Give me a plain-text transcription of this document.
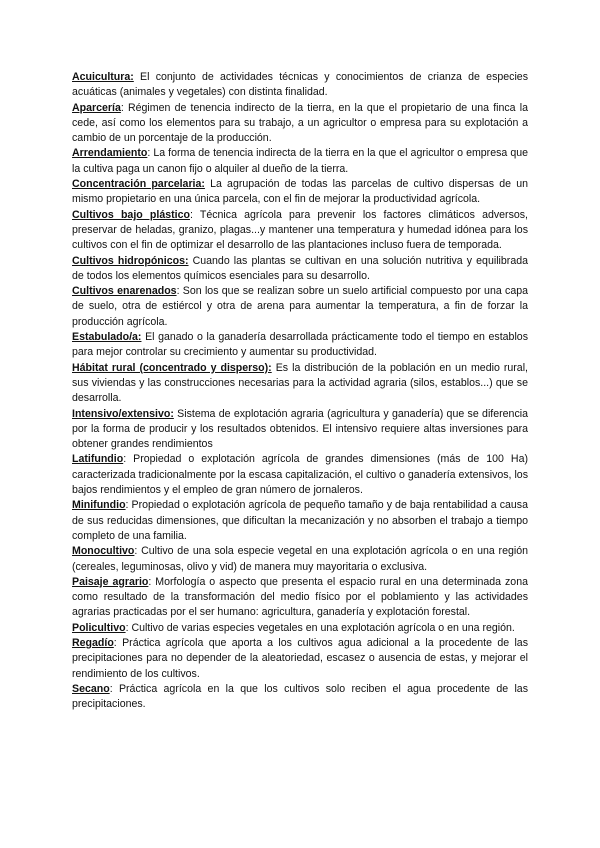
Acuicultura: El conjunto de actividades técnicas y conocimientos de crianza de especies acuáticas (animales y vegetales) con distinta finalidad.

Aparcería: Régimen de tenencia indirecto de la tierra, en la que el propietario de una finca la cede, así como los elementos para su trabajo, a un agricultor o empresa para su explotación a cambio de un porcentaje de la producción.

Arrendamiento: La forma de tenencia indirecta de la tierra en la que el agricultor o empresa que la cultiva paga un canon fijo o alquiler al dueño de la tierra.

Concentración parcelaria: La agrupación de todas las parcelas de cultivo dispersas de un mismo propietario en una única parcela, con el fin de mejorar la productividad agrícola.

Cultivos bajo plástico: Técnica agrícola para prevenir los factores climáticos adversos, preservar de heladas, granizo, plagas...y mantener una temperatura y humedad idónea para los cultivos con el fin de optimizar el desarrollo de las plantaciones incluso fuera de temporada.

Cultivos hidropónicos: Cuando las plantas se cultivan en una solución nutritiva y equilibrada de todos los elementos químicos esenciales para su desarrollo.

Cultivos enarenados: Son los que se realizan sobre un suelo artificial compuesto por una capa de suelo, otra de estiércol y otra de arena para aumentar la temperatura, a fin de forzar la producción agrícola.

Estabulado/a: El ganado o la ganadería desarrollada prácticamente todo el tiempo en establos para mejor controlar su crecimiento y aumentar su productividad.

Hábitat rural (concentrado y disperso): Es la distribución de la población en un medio rural, sus viviendas y las construcciones necesarias para la actividad agraria (silos, establos...) que se desarrolla.

Intensivo/extensivo: Sistema de explotación agraria (agricultura y ganadería) que se diferencia por la forma de producir y los resultados obtenidos. El intensivo requiere altas inversiones para obtener grandes rendimientos

Latifundio: Propiedad o explotación agrícola de grandes dimensiones (más de 100 Ha) caracterizada tradicionalmente por la escasa capitalización, el cultivo o ganadería extensivos, los bajos rendimientos y el empleo de gran número de jornaleros.

Minifundio: Propiedad o explotación agrícola de pequeño tamaño y de baja rentabilidad a causa de sus reducidas dimensiones, que dificultan la mecanización y no absorben el trabajo a tiempo completo de una familia.

Monocultivo: Cultivo de una sola especie vegetal en una explotación agrícola o en una región (cereales, leguminosas, olivo y vid) de manera muy mayoritaria o exclusiva.

Paisaje agrario: Morfología o aspecto que presenta el espacio rural en una determinada zona como resultado de la transformación del medio físico por el poblamiento y las actividades agrarias practicadas por el ser humano: agricultura, ganadería y explotación forestal.

Policultivo: Cultivo de varias especies vegetales en una explotación agrícola o en una región.

Regadío: Práctica agrícola que aporta a los cultivos agua adicional a la procedente de las precipitaciones para no depender de la aleatoriedad, escasez o ausencia de estas, y mejorar el rendimiento de los cultivos.

Secano: Práctica agrícola en la que los cultivos solo reciben el agua procedente de las precipitaciones.
